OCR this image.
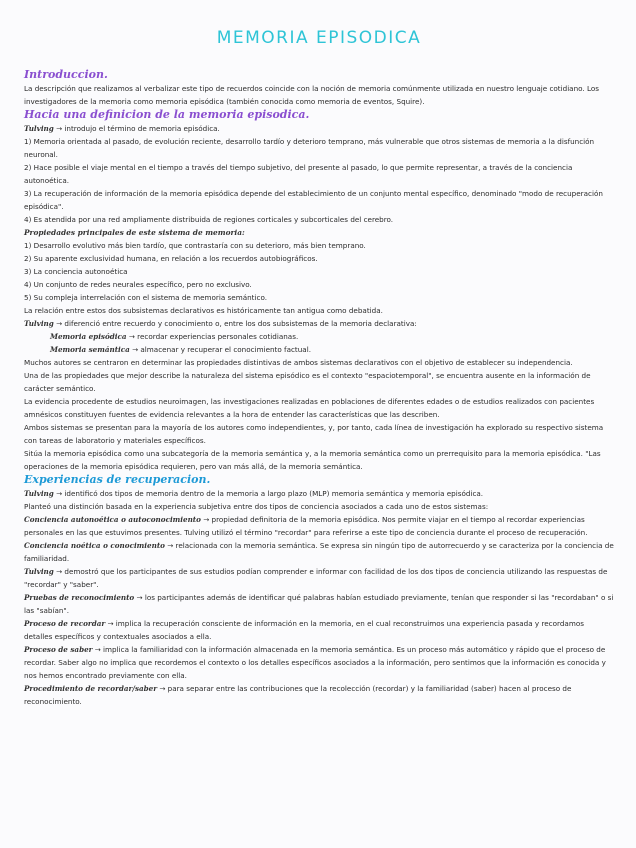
MEMORIA EPISODICA
Introduccion.

La descripción que realizamos al verbalizar este tipo de recuerdos coincide con la noción de memoria comúnmente utilizada en nuestro lenguaje cotidiano. Los investigadores de la memoria como memoria episódica (también conocida como memoria de eventos, Squire).

Hacia una definicion de la memoria episodica.

Tulving → introdujo el término de memoria episódica.

1) Memoria orientada al pasado, de evolución reciente, desarrollo tardío y deterioro temprano, más vulnerable que otros sistemas de memoria a la disfunción neuronal.

2) Hace posible el viaje mental en el tiempo a través del tiempo subjetivo, del presente al pasado, lo que permite representar, a través de la conciencia autonoética.

3) La recuperación de información de la memoria episódica depende del establecimiento de un conjunto mental específico, denominado "modo de recuperación episódica".

4) Es atendida por una red ampliamente distribuida de regiones corticales y subcorticales del cerebro.

Propiedades principales de este sistema de memoria:

1) Desarrollo evolutivo más bien tardío, que contrastaría con su deterioro, más bien temprano.

2) Su aparente exclusividad humana, en relación a los recuerdos autobiográficos.

3) La conciencia autonoética

4) Un conjunto de redes neurales específico, pero no exclusivo.

5) Su compleja interrelación con el sistema de memoria semántico.

La relación entre estos dos subsistemas declarativos es históricamente tan antigua como debatida.

Tulving → diferenció entre recuerdo y conocimiento o, entre los dos subsistemas de la memoria declarativa:

Memoria episódica → recordar experiencias personales cotidianas.

Memoria semántica → almacenar y recuperar el conocimiento factual.

Muchos autores se centraron en determinar las propiedades distintivas de ambos sistemas declarativos con el objetivo de establecer su independencia.

Una de las propiedades que mejor describe la naturaleza del sistema episódico es el contexto "espaciotemporal", se encuentra ausente en la información de carácter semántico.

La evidencia procedente de estudios neuroimagen, las investigaciones realizadas en poblaciones de diferentes edades o de estudios realizados con pacientes amnésicos constituyen fuentes de evidencia relevantes a la hora de entender las características que las describen.

Ambos sistemas se presentan para la mayoría de los autores como independientes, y, por tanto, cada línea de investigación ha explorado su respectivo sistema con tareas de laboratorio y materiales específicos.

Sitúa la memoria episódica como una subcategoría de la memoria semántica y, a la memoria semántica como un prerrequisito para la memoria episódica. "Las operaciones de la memoria episódica requieren, pero van más allá, de la memoria semántica.

Experiencias de recuperacion.

Tulving → identificó dos tipos de memoria dentro de la memoria a largo plazo (MLP) memoria semántica y memoria episódica.

Planteó una distinción basada en la experiencia subjetiva entre dos tipos de conciencia asociados a cada uno de estos sistemas:

Conciencia autonoética o autoconocimiento → propiedad definitoria de la memoria episódica. Nos permite viajar en el tiempo al recordar experiencias personales en las que estuvimos presentes. Tulving utilizó el término "recordar" para referirse a este tipo de conciencia durante el proceso de recuperación.

Conciencia noética o conocimiento → relacionada con la memoria semántica. Se expresa sin ningún tipo de autorrecuerdo y se caracteriza por la conciencia de familiaridad.

Tulving → demostró que los participantes de sus estudios podían comprender e informar con facilidad de los dos tipos de conciencia utilizando las respuestas de "recordar" y "saber".

Pruebas de reconocimiento → los participantes además de identificar qué palabras habían estudiado previamente, tenían que responder si las "recordaban" o si las "sabían".

Proceso de recordar → implica la recuperación consciente de información en la memoria, en el cual reconstruimos una experiencia pasada y recordamos detalles específicos y contextuales asociados a ella.

Proceso de saber → implica la familiaridad con la información almacenada en la memoria semántica. Es un proceso más automático y rápido que el proceso de recordar. Saber algo no implica que recordemos el contexto o los detalles específicos asociados a la información, pero sentimos que la información es conocida y nos hemos encontrado previamente con ella.

Procedimiento de recordar/saber → para separar entre las contribuciones que la recolección (recordar) y la familiaridad (saber) hacen al proceso de reconocimiento.
